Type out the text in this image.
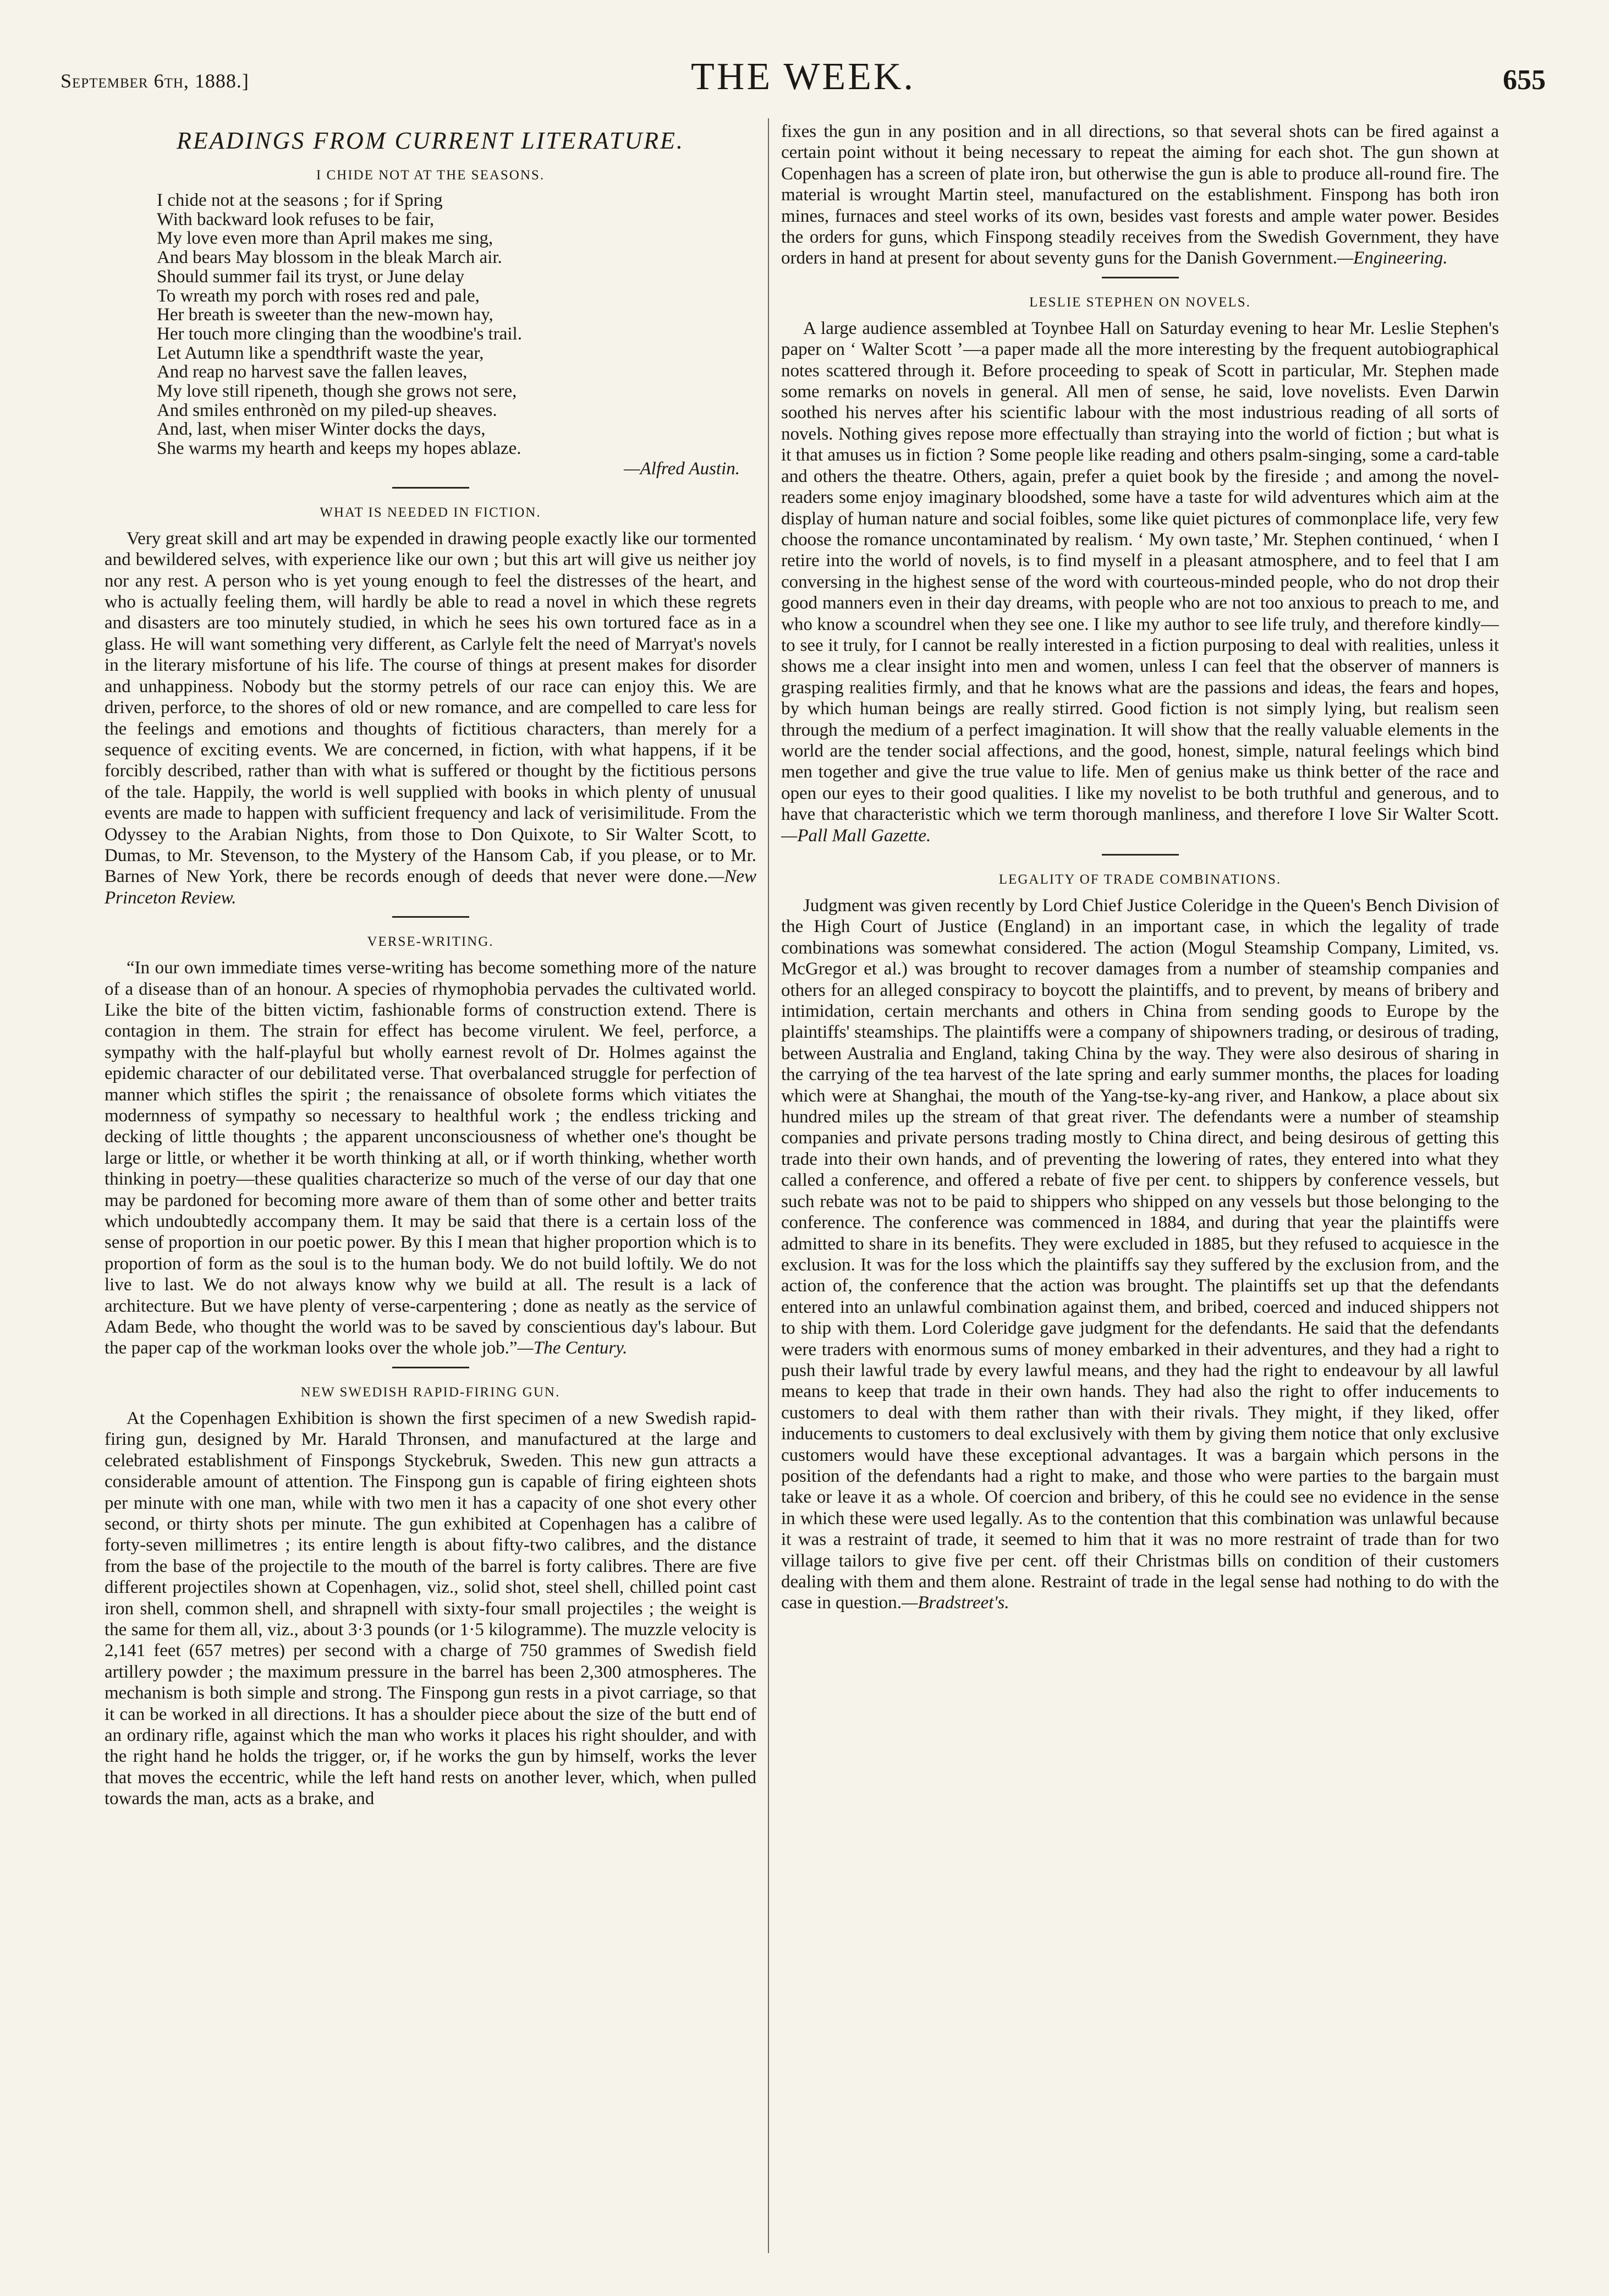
September 6th, 1888.]	THE WEEK.	655
READINGS FROM CURRENT LITERATURE.
I CHIDE NOT AT THE SEASONS.
I chide not at the seasons ; for if Spring
With backward look refuses to be fair,
My love even more than April makes me sing,
And bears May blossom in the bleak March air.
Should summer fail its tryst, or June delay
To wreath my porch with roses red and pale,
Her breath is sweeter than the new-mown hay,
Her touch more clinging than the woodbine's trail.
Let Autumn like a spendthrift waste the year,
And reap no harvest save the fallen leaves,
My love still ripeneth, though she grows not sere,
And smiles enthronèd on my piled-up sheaves.
And, last, when miser Winter docks the days,
She warms my hearth and keeps my hopes ablaze.
—Alfred Austin.
WHAT IS NEEDED IN FICTION.

Very great skill and art may be expended in drawing people exactly like our tormented and bewildered selves, with experience like our own ; but this art will give us neither joy nor any rest. A person who is yet young enough to feel the distresses of the heart, and who is actually feeling them, will hardly be able to read a novel in which these regrets and disasters are too minutely studied, in which he sees his own tortured face as in a glass. He will want something very different, as Carlyle felt the need of Marryat's novels in the literary misfortune of his life. The course of things at present makes for disorder and unhappiness. Nobody but the stormy petrels of our race can enjoy this. We are driven, perforce, to the shores of old or new romance, and are compelled to care less for the feelings and emotions and thoughts of fictitious characters, than merely for a sequence of exciting events. We are concerned, in fiction, with what happens, if it be forcibly described, rather than with what is suffered or thought by the fictitious persons of the tale. Happily, the world is well supplied with books in which plenty of unusual events are made to happen with sufficient frequency and lack of verisimilitude. From the Odyssey to the Arabian Nights, from those to Don Quixote, to Sir Walter Scott, to Dumas, to Mr. Stevenson, to the Mystery of the Hansom Cab, if you please, or to Mr. Barnes of New York, there be records enough of deeds that never were done.—New Princeton Review.

VERSE-WRITING.

“In our own immediate times verse-writing has become something more of the nature of a disease than of an honour. A species of rhymophobia pervades the cultivated world. Like the bite of the bitten victim, fashionable forms of construction extend. There is contagion in them. The strain for effect has become virulent. We feel, perforce, a sympathy with the half-playful but wholly earnest revolt of Dr. Holmes against the epidemic character of our debilitated verse. That overbalanced struggle for perfection of manner which stifles the spirit ; the renaissance of obsolete forms which vitiates the modernness of sympathy so necessary to healthful work ; the endless tricking and decking of little thoughts ; the apparent unconsciousness of whether one's thought be large or little, or whether it be worth thinking at all, or if worth thinking, whether worth thinking in poetry—these qualities characterize so much of the verse of our day that one may be pardoned for becoming more aware of them than of some other and better traits which undoubtedly accompany them. It may be said that there is a certain loss of the sense of proportion in our poetic power. By this I mean that higher proportion which is to proportion of form as the soul is to the human body. We do not build loftily. We do not live to last. We do not always know why we build at all. The result is a lack of architecture. But we have plenty of verse-carpentering ; done as neatly as the service of Adam Bede, who thought the world was to be saved by conscientious day's labour. But the paper cap of the workman looks over the whole job.”—The Century.

NEW SWEDISH RAPID-FIRING GUN.

At the Copenhagen Exhibition is shown the first specimen of a new Swedish rapid-firing gun, designed by Mr. Harald Thronsen, and manufactured at the large and celebrated establishment of Finspongs Styckebruk, Sweden. This new gun attracts a considerable amount of attention. The Finspong gun is capable of firing eighteen shots per minute with one man, while with two men it has a capacity of one shot every other second, or thirty shots per minute. The gun exhibited at Copenhagen has a calibre of forty-seven millimetres ; its entire length is about fifty-two calibres, and the distance from the base of the projectile to the mouth of the barrel is forty calibres. There are five different projectiles shown at Copenhagen, viz., solid shot, steel shell, chilled point cast iron shell, common shell, and shrapnell with sixty-four small projectiles ; the weight is the same for them all, viz., about 3·3 pounds (or 1·5 kilogramme). The muzzle velocity is 2,141 feet (657 metres) per second with a charge of 750 grammes of Swedish field artillery powder ; the maximum pressure in the barrel has been 2,300 atmospheres. The mechanism is both simple and strong. The Finspong gun rests in a pivot carriage, so that it can be worked in all directions. It has a shoulder piece about the size of the butt end of an ordinary rifle, against which the man who works it places his right shoulder, and with the right hand he holds the trigger, or, if he works the gun by himself, works the lever that moves the eccentric, while the left hand rests on another lever, which, when pulled towards the man, acts as a brake, and

fixes the gun in any position and in all directions, so that several shots can be fired against a certain point without it being necessary to repeat the aiming for each shot. The gun shown at Copenhagen has a screen of plate iron, but otherwise the gun is able to produce all-round fire. The material is wrought Martin steel, manufactured on the establishment. Finspong has both iron mines, furnaces and steel works of its own, besides vast forests and ample water power. Besides the orders for guns, which Finspong steadily receives from the Swedish Government, they have orders in hand at present for about seventy guns for the Danish Government.—Engineering.

LESLIE STEPHEN ON NOVELS.

A large audience assembled at Toynbee Hall on Saturday evening to hear Mr. Leslie Stephen's paper on ‘ Walter Scott ’—a paper made all the more interesting by the frequent autobiographical notes scattered through it. Before proceeding to speak of Scott in particular, Mr. Stephen made some remarks on novels in general. All men of sense, he said, love novelists. Even Darwin soothed his nerves after his scientific labour with the most industrious reading of all sorts of novels. Nothing gives repose more effectually than straying into the world of fiction ; but what is it that amuses us in fiction ? Some people like reading and others psalm-singing, some a card-table and others the theatre. Others, again, prefer a quiet book by the fireside ; and among the novel-readers some enjoy imaginary bloodshed, some have a taste for wild adventures which aim at the display of human nature and social foibles, some like quiet pictures of commonplace life, very few choose the romance uncontaminated by realism. ‘ My own taste,’ Mr. Stephen continued, ‘ when I retire into the world of novels, is to find myself in a pleasant atmosphere, and to feel that I am conversing in the highest sense of the word with courteous-minded people, who do not drop their good manners even in their day dreams, with people who are not too anxious to preach to me, and who know a scoundrel when they see one. I like my author to see life truly, and therefore kindly—to see it truly, for I cannot be really interested in a fiction purposing to deal with realities, unless it shows me a clear insight into men and women, unless I can feel that the observer of manners is grasping realities firmly, and that he knows what are the passions and ideas, the fears and hopes, by which human beings are really stirred. Good fiction is not simply lying, but realism seen through the medium of a perfect imagination. It will show that the really valuable elements in the world are the tender social affections, and the good, honest, simple, natural feelings which bind men together and give the true value to life. Men of genius make us think better of the race and open our eyes to their good qualities. I like my novelist to be both truthful and generous, and to have that characteristic which we term thorough manliness, and therefore I love Sir Walter Scott.—Pall Mall Gazette.

LEGALITY OF TRADE COMBINATIONS.

Judgment was given recently by Lord Chief Justice Coleridge in the Queen's Bench Division of the High Court of Justice (England) in an important case, in which the legality of trade combinations was somewhat considered. The action (Mogul Steamship Company, Limited, vs. McGregor et al.) was brought to recover damages from a number of steamship companies and others for an alleged conspiracy to boycott the plaintiffs, and to prevent, by means of bribery and intimidation, certain merchants and others in China from sending goods to Europe by the plaintiffs' steamships. The plaintiffs were a company of shipowners trading, or desirous of trading, between Australia and England, taking China by the way. They were also desirous of sharing in the carrying of the tea harvest of the late spring and early summer months, the places for loading which were at Shanghai, the mouth of the Yang-tse-ky-ang river, and Hankow, a place about six hundred miles up the stream of that great river. The defendants were a number of steamship companies and private persons trading mostly to China direct, and being desirous of getting this trade into their own hands, and of preventing the lowering of rates, they entered into what they called a conference, and offered a rebate of five per cent. to shippers by conference vessels, but such rebate was not to be paid to shippers who shipped on any vessels but those belonging to the conference. The conference was commenced in 1884, and during that year the plaintiffs were admitted to share in its benefits. They were excluded in 1885, but they refused to acquiesce in the exclusion. It was for the loss which the plaintiffs say they suffered by the exclusion from, and the action of, the conference that the action was brought. The plaintiffs set up that the defendants entered into an unlawful combination against them, and bribed, coerced and induced shippers not to ship with them. Lord Coleridge gave judgment for the defendants. He said that the defendants were traders with enormous sums of money embarked in their adventures, and they had a right to push their lawful trade by every lawful means, and they had the right to endeavour by all lawful means to keep that trade in their own hands. They had also the right to offer inducements to customers to deal with them rather than with their rivals. They might, if they liked, offer inducements to customers to deal exclusively with them by giving them notice that only exclusive customers would have these exceptional advantages. It was a bargain which persons in the position of the defendants had a right to make, and those who were parties to the bargain must take or leave it as a whole. Of coercion and bribery, of this he could see no evidence in the sense in which these were used legally. As to the contention that this combination was unlawful because it was a restraint of trade, it seemed to him that it was no more restraint of trade than for two village tailors to give five per cent. off their Christmas bills on condition of their customers dealing with them and them alone. Restraint of trade in the legal sense had nothing to do with the case in question.—Bradstreet's.
